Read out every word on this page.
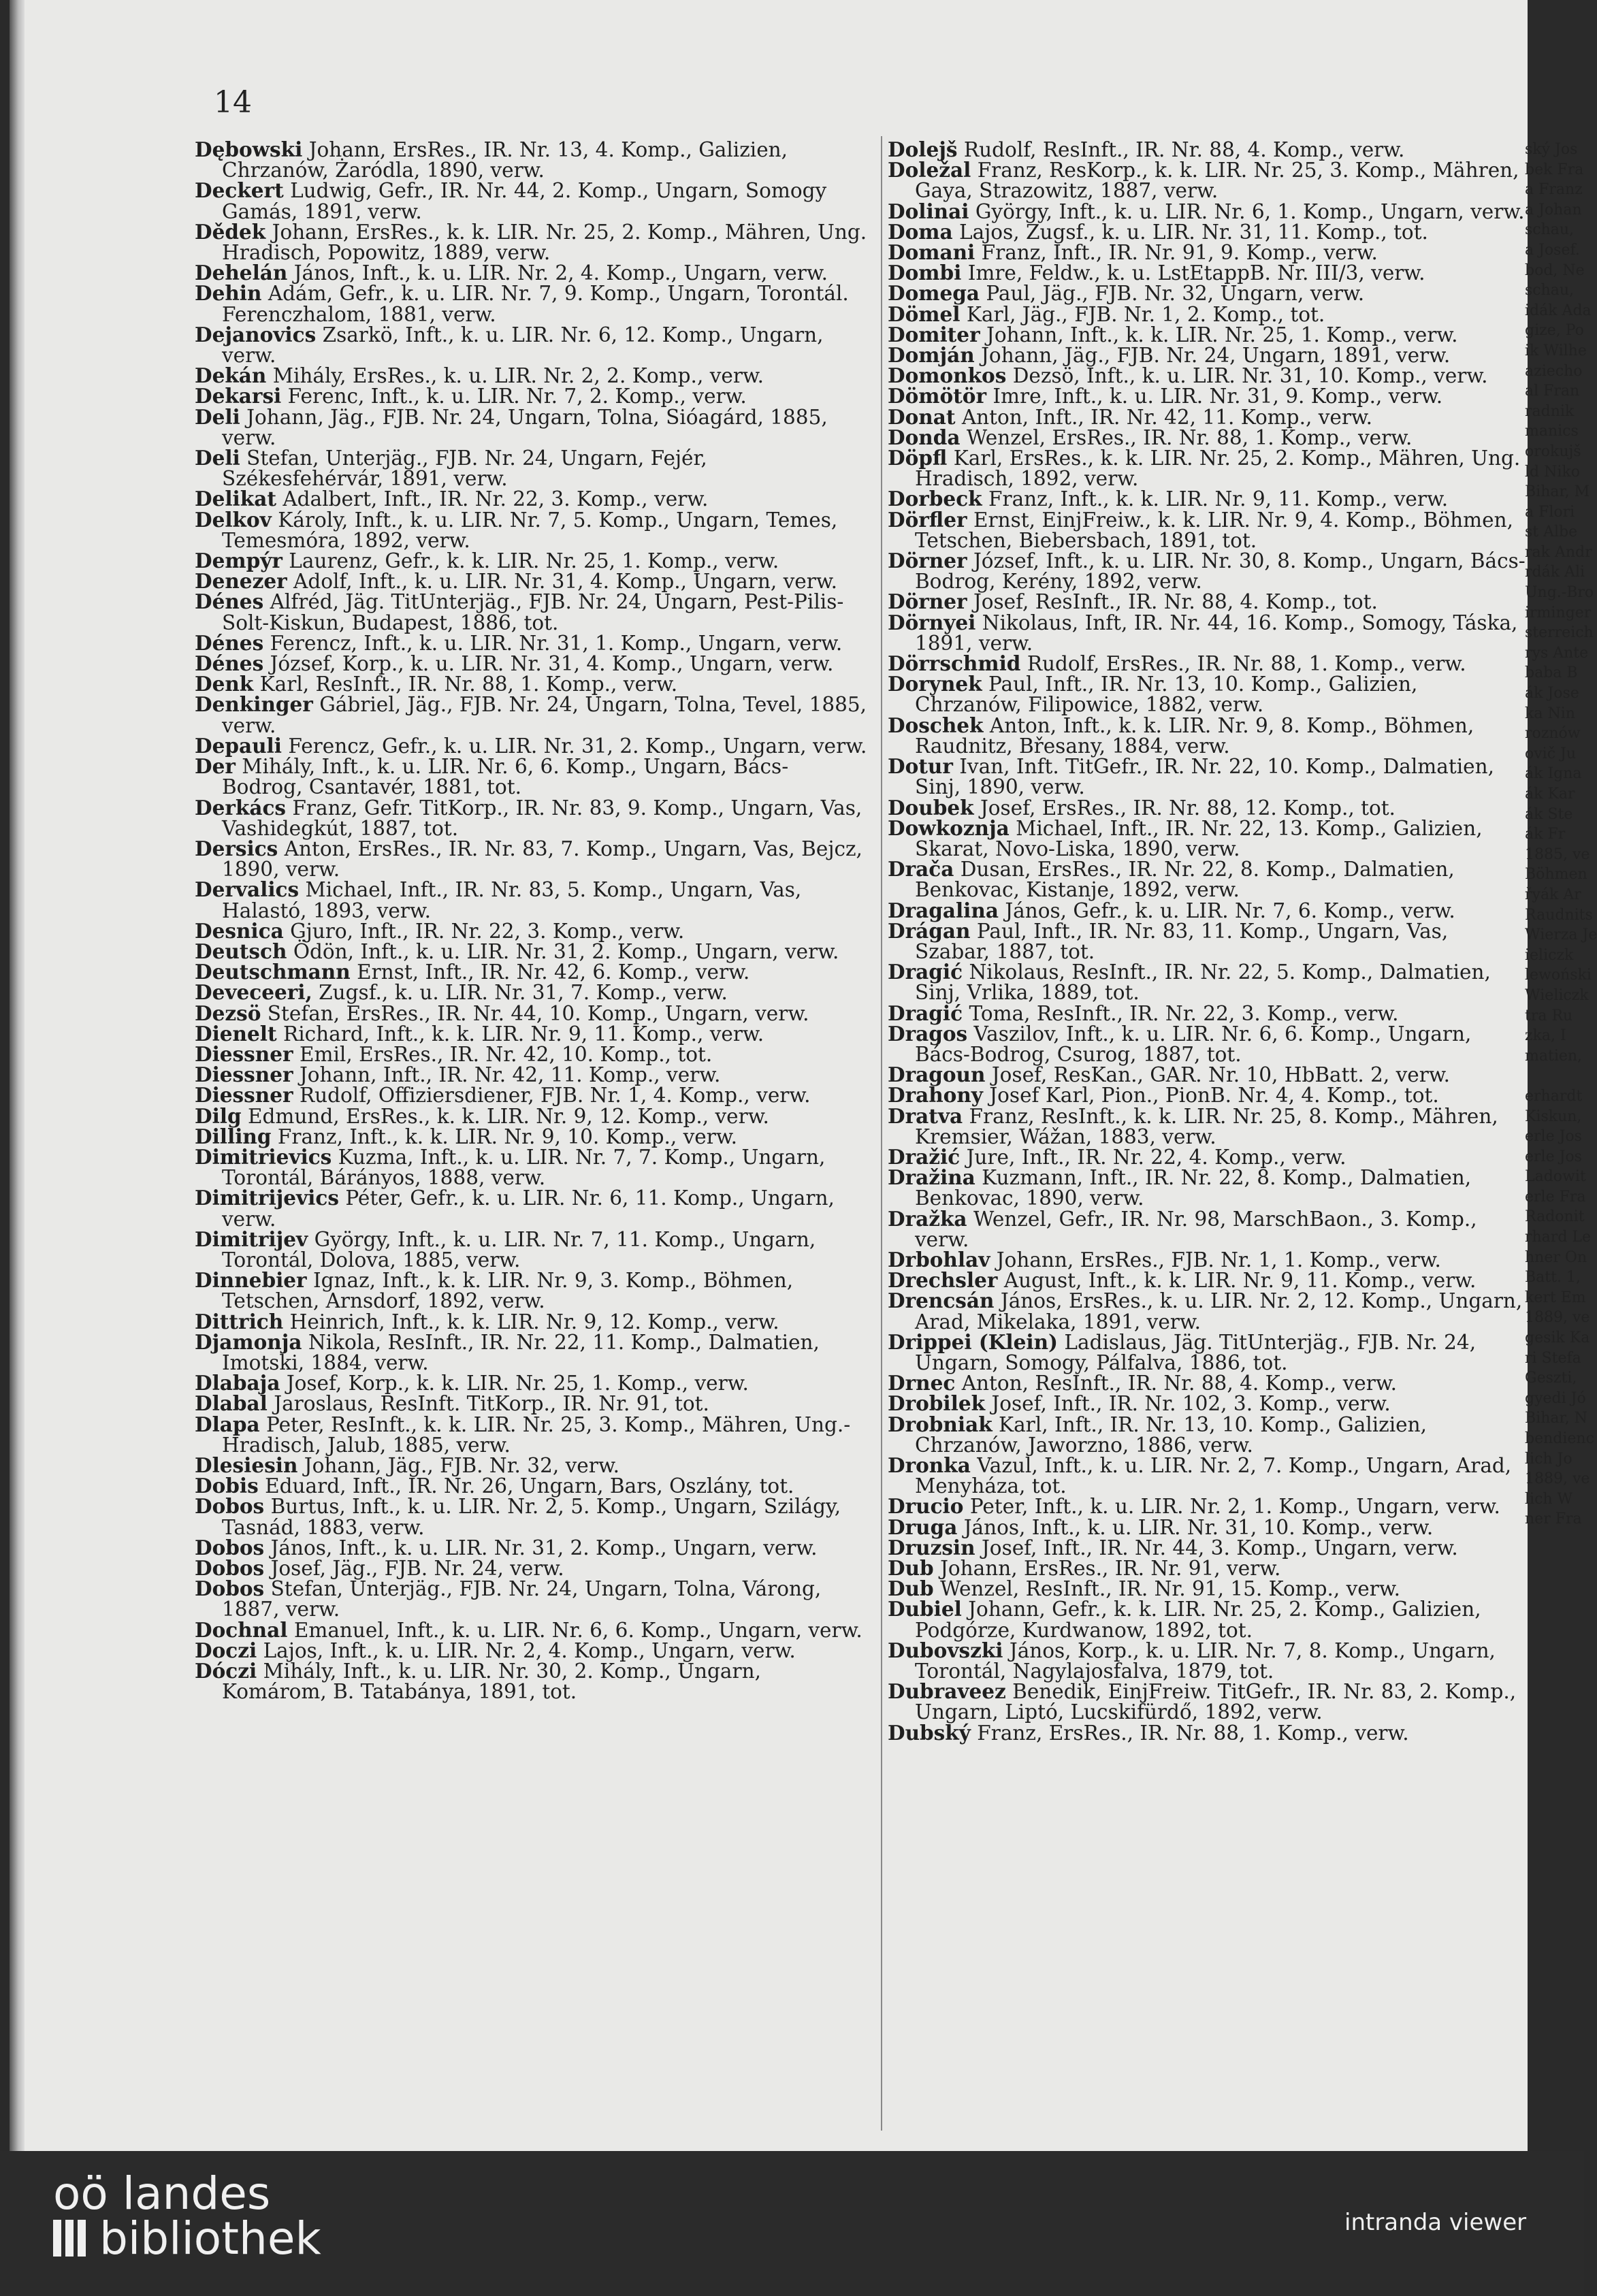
14
Dębowski Johann, ErsRes., IR. Nr. 13, 4. Komp., Galizien, Chrzanów, Żaródla, 1890, verw.
Deckert Ludwig, Gefr., IR. Nr. 44, 2. Komp., Ungarn, Somogy Gamás, 1891, verw.
Dědek Johann, ErsRes., k. k. LIR. Nr. 25, 2. Komp., Mähren, Ung. Hradisch, Popowitz, 1889, verw.
Dehelán János, Inft., k. u. LIR. Nr. 2, 4. Komp., Ungarn, verw.
Dehin Adám, Gefr., k. u. LIR. Nr. 7, 9. Komp., Ungarn, Torontál. Ferenczhalom, 1881, verw.
Dejanovics Zsarkö, Inft., k. u. LIR. Nr. 6, 12. Komp., Ungarn, verw.
Dekán Mihály, ErsRes., k. u. LIR. Nr. 2, 2. Komp., verw.
Dekarsi Ferenc, Inft., k. u. LIR. Nr. 7, 2. Komp., verw.
Deli Johann, Jäg., FJB. Nr. 24, Ungarn, Tolna, Sióagárd, 1885, verw.
Deli Stefan, Unterjäg., FJB. Nr. 24, Ungarn, Fejér, Székesfehérvár, 1891, verw.
Delikat Adalbert, Inft., IR. Nr. 22, 3. Komp., verw.
Delkov Károly, Inft., k. u. LIR. Nr. 7, 5. Komp., Ungarn, Temes, Temesmóra, 1892, verw.
Dempýr Laurenz, Gefr., k. k. LIR. Nr. 25, 1. Komp., verw.
Denezer Adolf, Inft., k. u. LIR. Nr. 31, 4. Komp., Ungarn, verw.
Dénes Alfréd, Jäg. TitUnterjäg., FJB. Nr. 24, Ungarn, Pest-Pilis-Solt-Kiskun, Budapest, 1886, tot.
Dénes Ferencz, Inft., k. u. LIR. Nr. 31, 1. Komp., Ungarn, verw.
Dénes József, Korp., k. u. LIR. Nr. 31, 4. Komp., Ungarn, verw.
Denk Karl, ResInft., IR. Nr. 88, 1. Komp., verw.
Denkinger Gábriel, Jäg., FJB. Nr. 24, Ungarn, Tolna, Tevel, 1885, verw.
Depauli Ferencz, Gefr., k. u. LIR. Nr. 31, 2. Komp., Ungarn, verw.
Der Mihály, Inft., k. u. LIR. Nr. 6, 6. Komp., Ungarn, Bács-Bodrog, Csantavér, 1881, tot.
Derkács Franz, Gefr. TitKorp., IR. Nr. 83, 9. Komp., Ungarn, Vas, Vashidegkút, 1887, tot.
Dersics Anton, ErsRes., IR. Nr. 83, 7. Komp., Ungarn, Vas, Bejcz, 1890, verw.
Dervalics Michael, Inft., IR. Nr. 83, 5. Komp., Ungarn, Vas, Halastó, 1893, verw.
Desnica Gjuro, Inft., IR. Nr. 22, 3. Komp., verw.
Deutsch Ödön, Inft., k. u. LIR. Nr. 31, 2. Komp., Ungarn, verw.
Deutschmann Ernst, Inft., IR. Nr. 42, 6. Komp., verw.
Deveceeri, Zugsf., k. u. LIR. Nr. 31, 7. Komp., verw.
Dezsö Stefan, ErsRes., IR. Nr. 44, 10. Komp., Ungarn, verw.
Dienelt Richard, Inft., k. k. LIR. Nr. 9, 11. Komp., verw.
Diessner Emil, ErsRes., IR. Nr. 42, 10. Komp., tot.
Diessner Johann, Inft., IR. Nr. 42, 11. Komp., verw.
Diessner Rudolf, Offiziersdiener, FJB. Nr. 1, 4. Komp., verw.
Dilg Edmund, ErsRes., k. k. LIR. Nr. 9, 12. Komp., verw.
Dilling Franz, Inft., k. k. LIR. Nr. 9, 10. Komp., verw.
Dimitrievics Kuzma, Inft., k. u. LIR. Nr. 7, 7. Komp., Ungarn, Torontál, Bárányos, 1888, verw.
Dimitrijevics Péter, Gefr., k. u. LIR. Nr. 6, 11. Komp., Ungarn, verw.
Dimitrijev György, Inft., k. u. LIR. Nr. 7, 11. Komp., Ungarn, Torontál, Dolova, 1885, verw.
Dinnebier Ignaz, Inft., k. k. LIR. Nr. 9, 3. Komp., Böhmen, Tetschen, Arnsdorf, 1892, verw.
Dittrich Heinrich, Inft., k. k. LIR. Nr. 9, 12. Komp., verw.
Djamonja Nikola, ResInft., IR. Nr. 22, 11. Komp., Dalmatien, Imotski, 1884, verw.
Dlabaja Josef, Korp., k. k. LIR. Nr. 25, 1. Komp., verw.
Dlabal Jaroslaus, ResInft. TitKorp., IR. Nr. 91, tot.
Dlapa Peter, ResInft., k. k. LIR. Nr. 25, 3. Komp., Mähren, Ung.-Hradisch, Jalub, 1885, verw.
Dlesiesin Johann, Jäg., FJB. Nr. 32, verw.
Dobis Eduard, Inft., IR. Nr. 26, Ungarn, Bars, Oszlány, tot.
Dobos Burtus, Inft., k. u. LIR. Nr. 2, 5. Komp., Ungarn, Szilágy, Tasnád, 1883, verw.
Dobos János, Inft., k. u. LIR. Nr. 31, 2. Komp., Ungarn, verw.
Dobos Josef, Jäg., FJB. Nr. 24, verw.
Dobos Stefan, Unterjäg., FJB. Nr. 24, Ungarn, Tolna, Várong, 1887, verw.
Dochnal Emanuel, Inft., k. u. LIR. Nr. 6, 6. Komp., Ungarn, verw.
Doczi Lajos, Inft., k. u. LIR. Nr. 2, 4. Komp., Ungarn, verw.
Dóczi Mihály, Inft., k. u. LIR. Nr. 30, 2. Komp., Ungarn, Komárom, B. Tatabánya, 1891, tot.
Dolejš Rudolf, ResInft., IR. Nr. 88, 4. Komp., verw.
Doležal Franz, ResKorp., k. k. LIR. Nr. 25, 3. Komp., Mähren, Gaya, Strazowitz, 1887, verw.
Dolinai György, Inft., k. u. LIR. Nr. 6, 1. Komp., Ungarn, verw.
Doma Lajos, Zugsf., k. u. LIR. Nr. 31, 11. Komp., tot.
Domani Franz, Inft., IR. Nr. 91, 9. Komp., verw.
Dombi Imre, Feldw., k. u. LstEtappB. Nr. III/3, verw.
Domega Paul, Jäg., FJB. Nr. 32, Ungarn, verw.
Dömel Karl, Jäg., FJB. Nr. 1, 2. Komp., tot.
Domiter Johann, Inft., k. k. LIR. Nr. 25, 1. Komp., verw.
Domján Johann, Jäg., FJB. Nr. 24, Ungarn, 1891, verw.
Domonkos Dezsö, Inft., k. u. LIR. Nr. 31, 10. Komp., verw.
Dömötör Imre, Inft., k. u. LIR. Nr. 31, 9. Komp., verw.
Donat Anton, Inft., IR. Nr. 42, 11. Komp., verw.
Donda Wenzel, ErsRes., IR. Nr. 88, 1. Komp., verw.
Döpfl Karl, ErsRes., k. k. LIR. Nr. 25, 2. Komp., Mähren, Ung. Hradisch, 1892, verw.
Dorbeck Franz, Inft., k. k. LIR. Nr. 9, 11. Komp., verw.
Dörfler Ernst, EinjFreiw., k. k. LIR. Nr. 9, 4. Komp., Böhmen, Tetschen, Biebersbach, 1891, tot.
Dörner József, Inft., k. u. LIR. Nr. 30, 8. Komp., Ungarn, Bács-Bodrog, Kerény, 1892, verw.
Dörner Josef, ResInft., IR. Nr. 88, 4. Komp., tot.
Dörnyei Nikolaus, Inft, IR. Nr. 44, 16. Komp., Somogy, Táska, 1891, verw.
Dörrschmid Rudolf, ErsRes., IR. Nr. 88, 1. Komp., verw.
Dorynek Paul, Inft., IR. Nr. 13, 10. Komp., Galizien, Chrzanów, Filipowice, 1882, verw.
Doschek Anton, Inft., k. k. LIR. Nr. 9, 8. Komp., Böhmen, Raudnitz, Břesany, 1884, verw.
Dotur Ivan, Inft. TitGefr., IR. Nr. 22, 10. Komp., Dalmatien, Sinj, 1890, verw.
Doubek Josef, ErsRes., IR. Nr. 88, 12. Komp., tot.
Dowkoznja Michael, Inft., IR. Nr. 22, 13. Komp., Galizien, Skarat, Novo-Liska, 1890, verw.
Drača Dusan, ErsRes., IR. Nr. 22, 8. Komp., Dalmatien, Benkovac, Kistanje, 1892, verw.
Dragalina János, Gefr., k. u. LIR. Nr. 7, 6. Komp., verw.
Drágan Paul, Inft., IR. Nr. 83, 11. Komp., Ungarn, Vas, Szabar, 1887, tot.
Dragić Nikolaus, ResInft., IR. Nr. 22, 5. Komp., Dalmatien, Sinj, Vrlika, 1889, tot.
Dragić Toma, ResInft., IR. Nr. 22, 3. Komp., verw.
Dragos Vaszilov, Inft., k. u. LIR. Nr. 6, 6. Komp., Ungarn, Bács-Bodrog, Csurog, 1887, tot.
Dragoun Josef, ResKan., GAR. Nr. 10, HbBatt. 2, verw.
Drahony Josef Karl, Pion., PionB. Nr. 4, 4. Komp., tot.
Dratva Franz, ResInft., k. k. LIR. Nr. 25, 8. Komp., Mähren, Kremsier, Wážan, 1883, verw.
Dražić Jure, Inft., IR. Nr. 22, 4. Komp., verw.
Dražina Kuzmann, Inft., IR. Nr. 22, 8. Komp., Dalmatien, Benkovac, 1890, verw.
Dražka Wenzel, Gefr., IR. Nr. 98, MarschBaon., 3. Komp., verw.
Drbohlav Johann, ErsRes., FJB. Nr. 1, 1. Komp., verw.
Drechsler August, Inft., k. k. LIR. Nr. 9, 11. Komp., verw.
Drencsán János, ErsRes., k. u. LIR. Nr. 2, 12. Komp., Ungarn, Arad, Mikelaka, 1891, verw.
Drippei (Klein) Ladislaus, Jäg. TitUnterjäg., FJB. Nr. 24, Ungarn, Somogy, Pálfalva, 1886, tot.
Drnec Anton, ResInft., IR. Nr. 88, 4. Komp., verw.
Drobilek Josef, Inft., IR. Nr. 102, 3. Komp., verw.
Drobniak Karl, Inft., IR. Nr. 13, 10. Komp., Galizien, Chrzanów, Jaworzno, 1886, verw.
Dronka Vazul, Inft., k. u. LIR. Nr. 2, 7. Komp., Ungarn, Arad, Menyháza, tot.
Drucio Peter, Inft., k. u. LIR. Nr. 2, 1. Komp., Ungarn, verw.
Druga János, Inft., k. u. LIR. Nr. 31, 10. Komp., verw.
Druzsin Josef, Inft., IR. Nr. 44, 3. Komp., Ungarn, verw.
Dub Johann, ErsRes., IR. Nr. 91, verw.
Dub Wenzel, ResInft., IR. Nr. 91, 15. Komp., verw.
Dubiel Johann, Gefr., k. k. LIR. Nr. 25, 2. Komp., Galizien, Podgórze, Kurdwanow, 1892, tot.
Dubovszki János, Korp., k. u. LIR. Nr. 7, 8. Komp., Ungarn, Torontál, Nagylajosfalva, 1879, tot.
Dubraveez Benedik, EinjFreiw. TitGefr., IR. Nr. 83, 2. Komp., Ungarn, Liptó, Lucskifürdő, 1892, verw.
Dubský Franz, ErsRes., IR. Nr. 88, 1. Komp., verw.
ský Jos
bek Fra
a Franz
a Johan
schau,
a Josef.
bod, Ne
schau,
idák Ada
gize, Po
ik Wilhe
aziecho
al Fran
radnik
manics
orokujš
ld Niko
Bihar, M
a Flori
st Albe
rak Andr
rdák Ali
Ung.-Bro
irminger
sterreich
rys Ante
baba B
ák Jose
ka Nin
roznów
ovič Ju
ák Igna
ák Kar
ák Ste
ák Fr
1885, ve
Böhmen
řyák Ar
Raudnits
Wierza Je
ieliczk
lewoński
Wieliczk
tra Ru
zka, I
matien,

erhardt
Kiskun,
erle Jos
erle Jos
Ladowit
erle Fra
Radonit
rhard Le
hner On
Batt. 1,
kert Em
1889, ve
gesik Ka
ri Stefa
Geszti,
gyedi Jó
Bihar, N
bendienc
lich Jo
1889, ve
lich W
ner Fra
oö landes
bibliothek	intranda viewer
